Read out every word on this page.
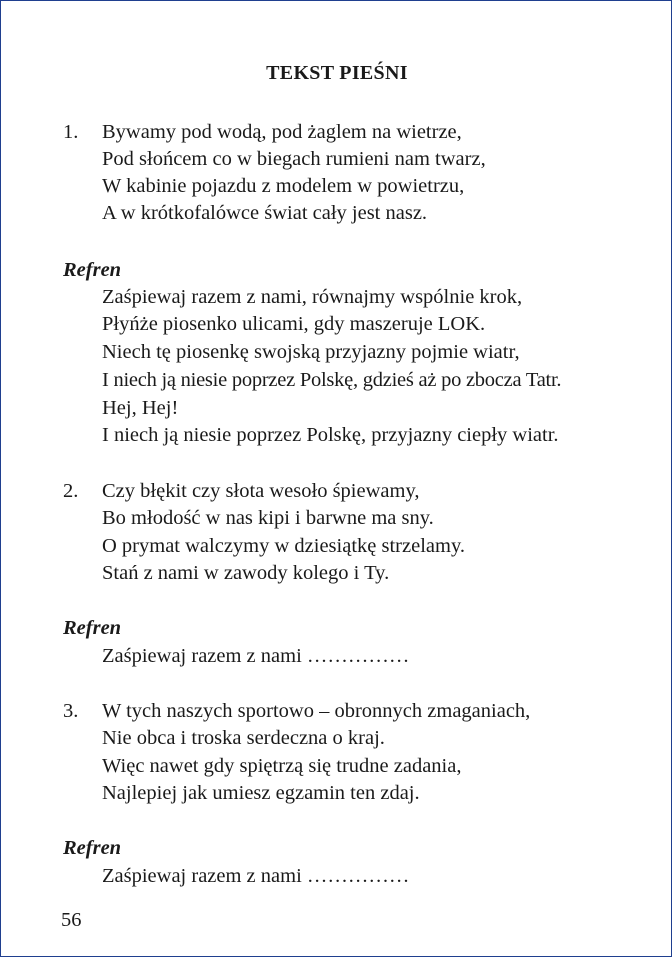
TEKST PIEŚNI
1. Bywamy pod wodą, pod żaglem na wietrze,
Pod słońcem co w biegach rumieni nam twarz,
W kabinie pojazdu z modelem w powietrzu,
A w krótkofalówce świat cały jest nasz.
Refren
Zaśpiewaj razem z nami, równajmy wspólnie krok,
Płyńże piosenko ulicami, gdy maszeruje LOK.
Niech tę piosenkę swojską przyjazny pojmie wiatr,
I niech ją niesie poprzez Polskę, gdzieś aż po zbocza Tatr.
Hej, Hej!
I niech ją niesie poprzez Polskę, przyjazny ciepły wiatr.
2. Czy błękit czy słota wesoło śpiewamy,
Bo młodość w nas kipi i barwne ma sny.
O prymat walczymy w dziesiątkę strzelamy.
Stań z nami w zawody kolego i Ty.
Refren
Zaśpiewaj razem z nami ……………
3. W tych naszych sportowo – obronnych zmaganiach,
Nie obca i troska serdeczna o kraj.
Więc nawet gdy spiętrzą się trudne zadania,
Najlepiej jak umiesz egzamin ten zdaj.
Refren
Zaśpiewaj razem z nami ……………
56
